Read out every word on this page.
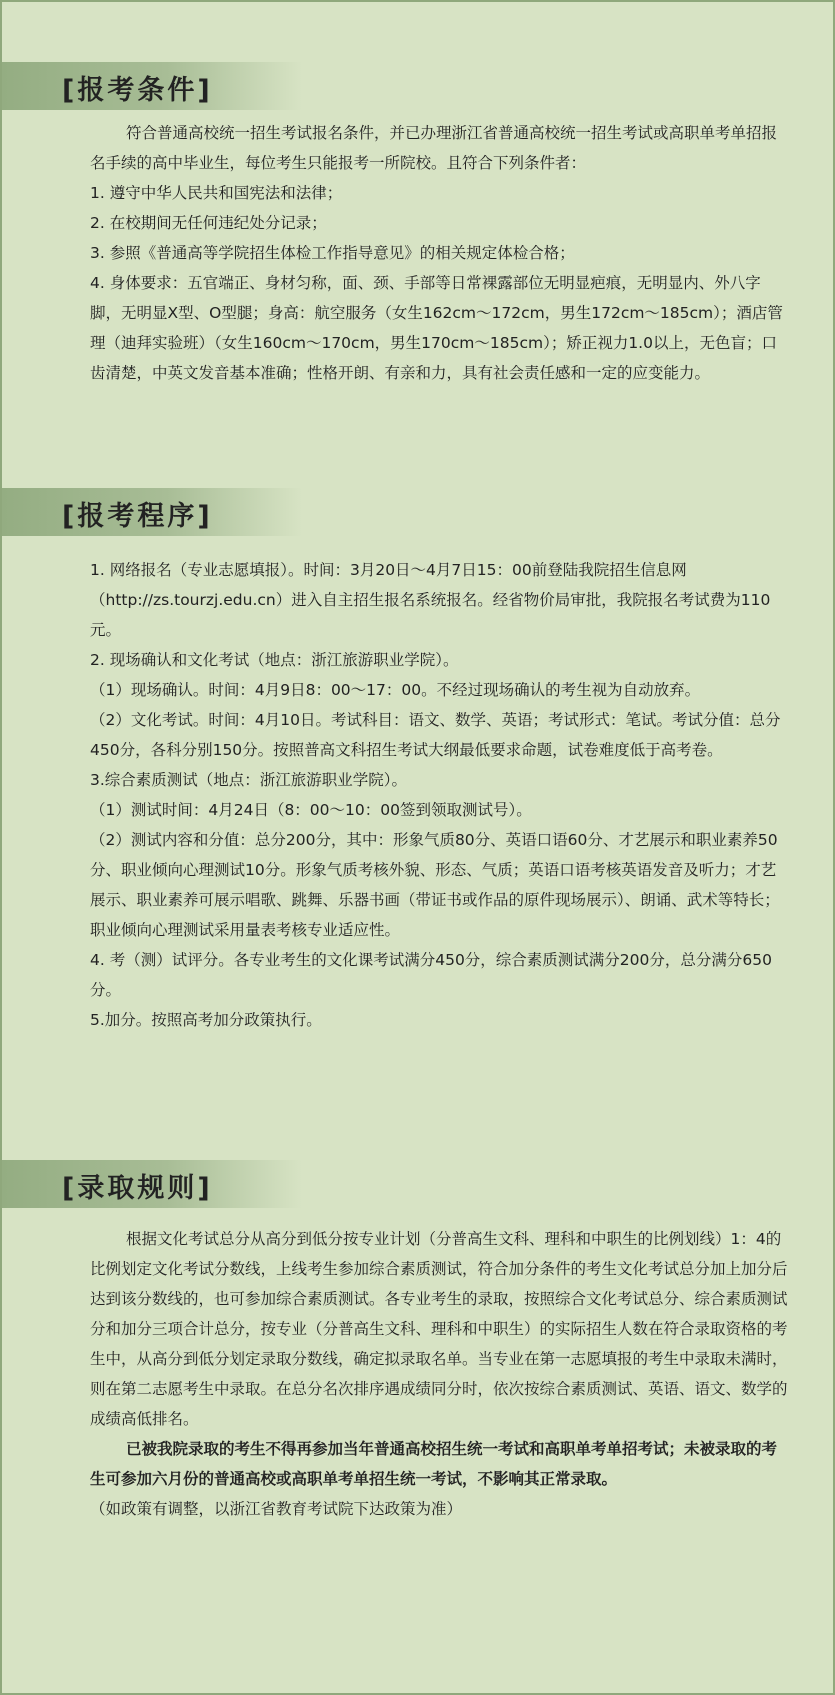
[报考条件]

符合普通高校统一招生考试报名条件，并已办理浙江省普通高校统一招生考试或高职单考单招报名手续的高中毕业生，每位考生只能报考一所院校。且符合下列条件者：

1. 遵守中华人民共和国宪法和法律；

2. 在校期间无任何违纪处分记录；

3. 参照《普通高等学院招生体检工作指导意见》的相关规定体检合格；

4. 身体要求：五官端正、身材匀称，面、颈、手部等日常裸露部位无明显疤痕，无明显内、外八字脚，无明显X型、O型腿；身高：航空服务（女生162cm～172cm，男生172cm～185cm）；酒店管理（迪拜实验班）（女生160cm～170cm，男生170cm～185cm）；矫正视力1.0以上，无色盲；口齿清楚，中英文发音基本准确；性格开朗、有亲和力，具有社会责任感和一定的应变能力。

[报考程序]

1. 网络报名（专业志愿填报）。时间：3月20日～4月7日15：00前登陆我院招生信息网（http://zs.tourzj.edu.cn）进入自主招生报名系统报名。经省物价局审批，我院报名考试费为110元。

2. 现场确认和文化考试（地点：浙江旅游职业学院）。

（1）现场确认。时间：4月9日8：00～17：00。不经过现场确认的考生视为自动放弃。

（2）文化考试。时间：4月10日。考试科目：语文、数学、英语；考试形式：笔试。考试分值：总分450分，各科分别150分。按照普高文科招生考试大纲最低要求命题，试卷难度低于高考卷。

3.综合素质测试（地点：浙江旅游职业学院）。

（1）测试时间：4月24日（8：00～10：00签到领取测试号）。

（2）测试内容和分值：总分200分，其中：形象气质80分、英语口语60分、才艺展示和职业素养50分、职业倾向心理测试10分。形象气质考核外貌、形态、气质；英语口语考核英语发音及听力；才艺展示、职业素养可展示唱歌、跳舞、乐器书画（带证书或作品的原件现场展示）、朗诵、武术等特长；职业倾向心理测试采用量表考核专业适应性。

4. 考（测）试评分。各专业考生的文化课考试满分450分，综合素质测试满分200分，总分满分650分。

5.加分。按照高考加分政策执行。

[录取规则]

根据文化考试总分从高分到低分按专业计划（分普高生文科、理科和中职生的比例划线）1：4的比例划定文化考试分数线，上线考生参加综合素质测试，符合加分条件的考生文化考试总分加上加分后达到该分数线的，也可参加综合素质测试。各专业考生的录取，按照综合文化考试总分、综合素质测试分和加分三项合计总分，按专业（分普高生文科、理科和中职生）的实际招生人数在符合录取资格的考生中，从高分到低分划定录取分数线，确定拟录取名单。当专业在第一志愿填报的考生中录取未满时，则在第二志愿考生中录取。在总分名次排序遇成绩同分时，依次按综合素质测试、英语、语文、数学的成绩高低排名。

已被我院录取的考生不得再参加当年普通高校招生统一考试和高职单考单招考试；未被录取的考生可参加六月份的普通高校或高职单考单招生统一考试，不影响其正常录取。

（如政策有调整，以浙江省教育考试院下达政策为准）
